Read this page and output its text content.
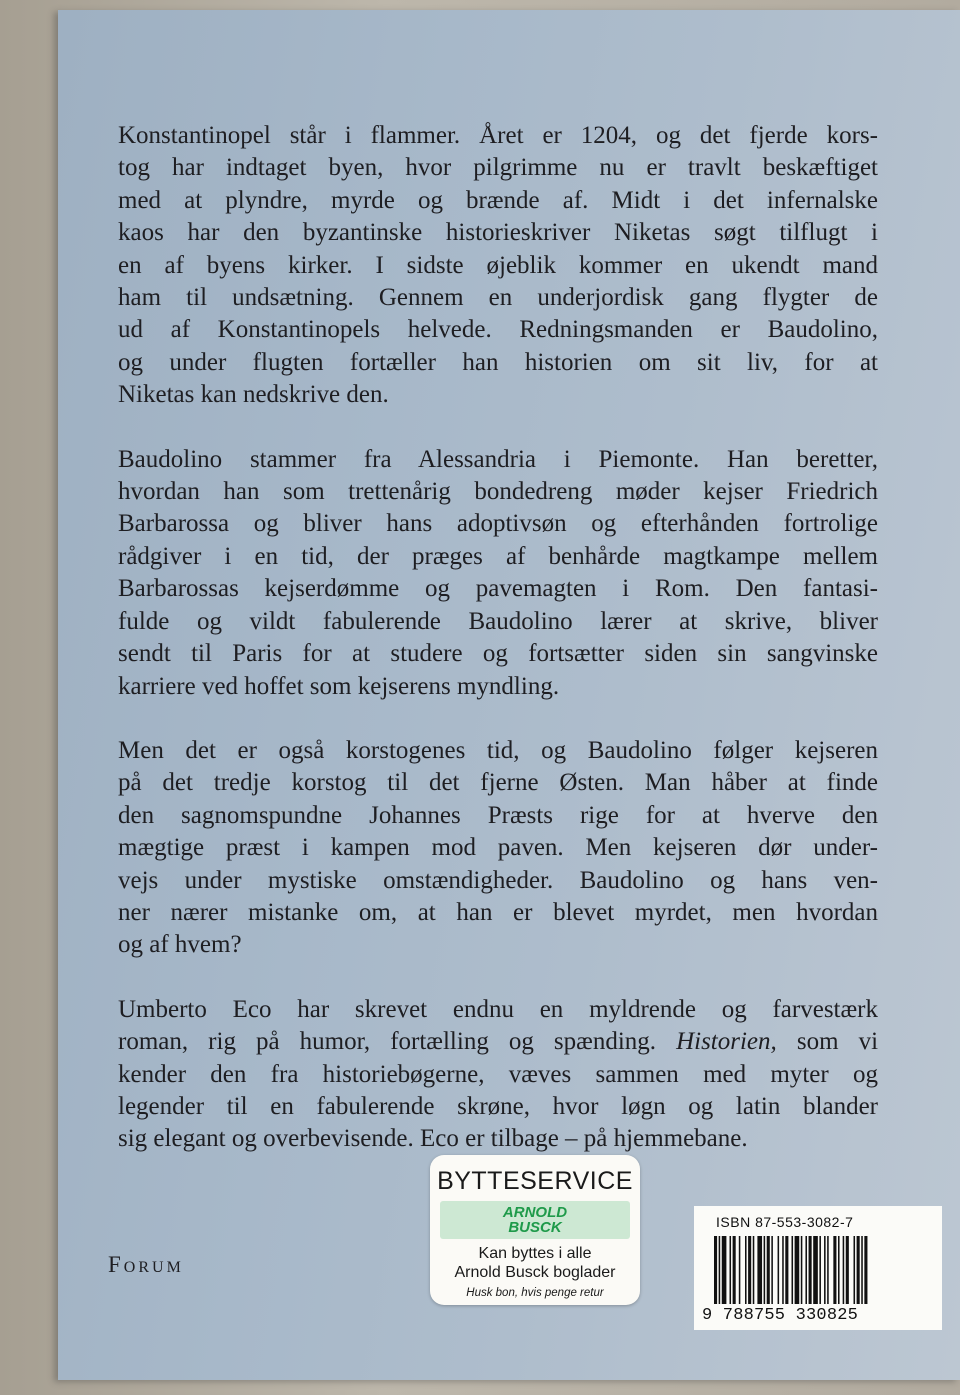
Konstantinopel står i flammer. Året er 1204, og det fjerde kors-
tog har indtaget byen, hvor pilgrimme nu er travlt beskæftiget
med at plyndre, myrde og brænde af. Midt i det infernalske
kaos har den byzantinske historieskriver Niketas søgt tilflugt i
en af byens kirker. I sidste øjeblik kommer en ukendt mand
ham til undsætning. Gennem en underjordisk gang flygter de
ud af Konstantinopels helvede. Redningsmanden er Baudolino,
og under flugten fortæller han historien om sit liv, for at
Niketas kan nedskrive den.

Baudolino stammer fra Alessandria i Piemonte. Han beretter,
hvordan han som trettenårig bondedreng møder kejser Friedrich
Barbarossa og bliver hans adoptivsøn og efterhånden fortrolige
rådgiver i en tid, der præges af benhårde magtkampe mellem
Barbarossas kejserdømme og pavemagten i Rom. Den fantasi-
fulde og vildt fabulerende Baudolino lærer at skrive, bliver
sendt til Paris for at studere og fortsætter siden sin sangvinske
karriere ved hoffet som kejserens myndling.

Men det er også korstogenes tid, og Baudolino følger kejseren
på det tredje korstog til det fjerne Østen. Man håber at finde
den sagnomspundne Johannes Præsts rige for at hverve den
mægtige præst i kampen mod paven. Men kejseren dør under-
vejs under mystiske omstændigheder. Baudolino og hans ven-
ner nærer mistanke om, at han er blevet myrdet, men hvordan
og af hvem?

Umberto Eco har skrevet endnu en myldrende og farvestærk
roman, rig på humor, fortælling og spænding. Historien, som vi
kender den fra historiebøgerne, væves sammen med myter og
legender til en fabulerende skrøne, hvor løgn og latin blander
sig elegant og overbevisende. Eco er tilbage – på hjemmebane.

Forum
BYTTESERVICE
ARNOLD
BUSCK
Kan byttes i alle
Arnold Busck boglader
Husk bon, hvis penge retur
ISBN 87-553-3082-7
9 788755 330825
